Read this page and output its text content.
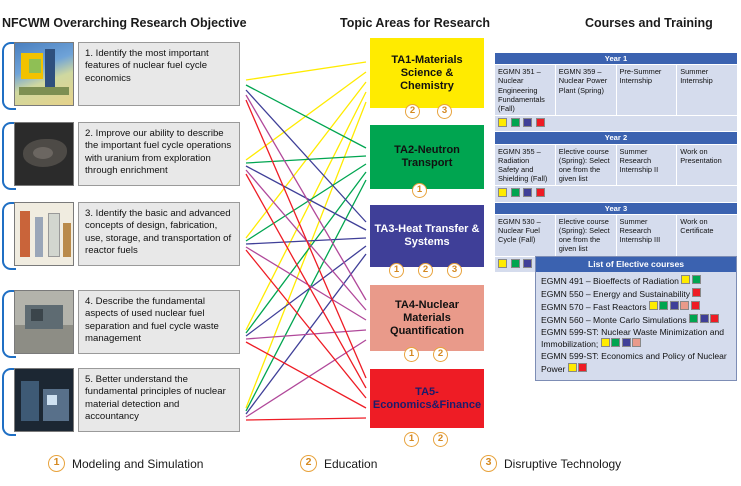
NFCWM Overarching Research Objective	Topic Areas for Research	Courses and Training
1. Identify the most important features of nuclear fuel cycle economics
2. Improve our ability to describe the important fuel cycle operations with uranium from exploration through enrichment
3. Identify the basic and advanced concepts of design, fabrication, use, storage, and transportation of reactor fuels
4. Describe the fundamental aspects of used nuclear fuel separation and fuel cycle waste management
5. Better understand the fundamental principles of nuclear material detection and accountancy
TA1-Materials Science & Chemistry
2	3
TA2-Neutron Transport
1
TA3-Heat Transfer & Systems
1	2	3
TA4-Nuclear Materials Quantification
1	2
TA5-Economics&Finance
1	2
Year 1			
EGMN 351 – Nuclear Engineering Fundamentals (Fall)	EGMN 359 – Nuclear Power Plant (Spring)	Pre-Summer Internship	Summer Internship

Year 2			
EGMN 355 – Radiation Safety and Shielding (Fall)	Elective course (Spring): Select one from the given list	Summer Research Internship II	Work on Presentation

Year 3			
EGMN 530 – Nuclear Fuel Cycle (Fall)	Elective course (Spring): Select one from the given list	Summer Research Internship III	Work on Certificate

List of Elective courses
EGMN 491 – Bioeffects of Radiation
EGMN 550 – Energy and Sustainability
EGMN 570 – Fast Reactors
EGMN 560 – Monte Carlo Simulations
EGMN 599-ST: Nuclear Waste Minimization and Immobilization;
EGMN 599-ST: Economics and Policy of Nuclear Power
1	Modeling and Simulation	2	Education	3	Disruptive Technology
